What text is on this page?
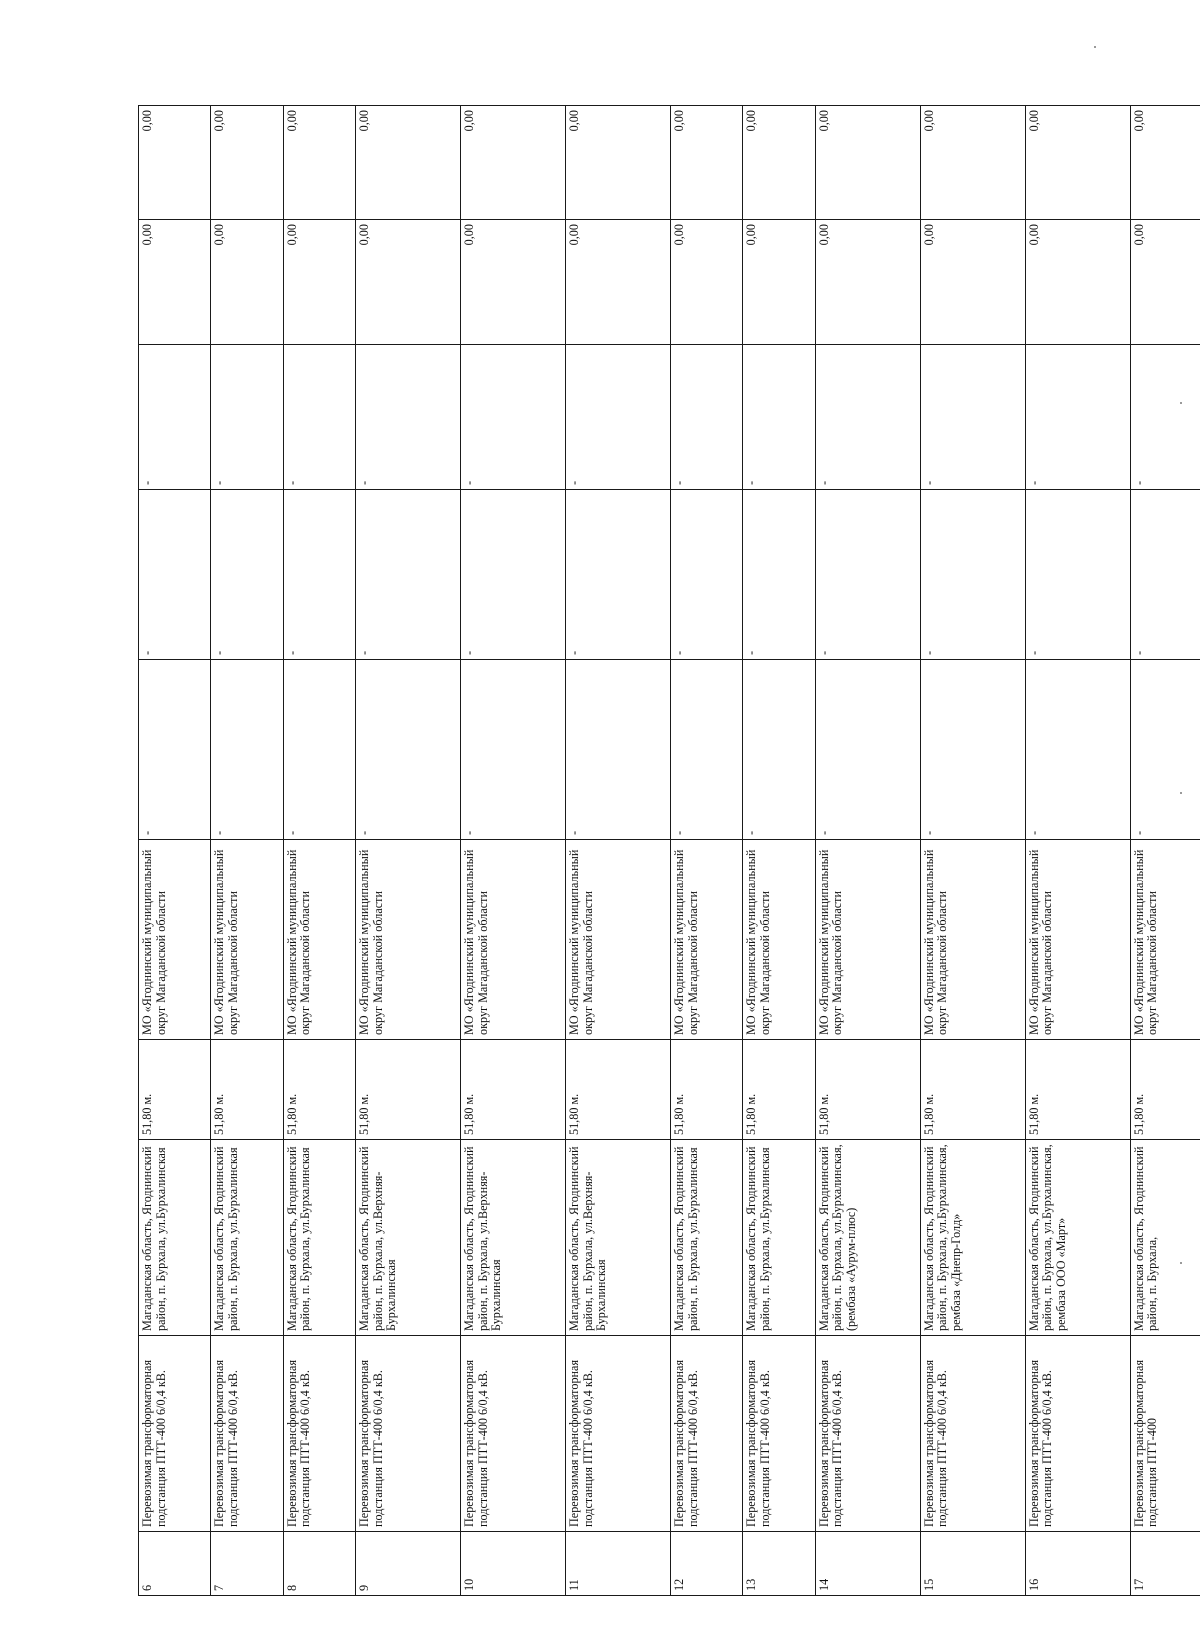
6	Перевозимая трансформаторная подстанция ПТТ-400 6/0,4 кВ.	Магаданская область, Ягоднинский район, п. Бурхала, ул.Бурхалинская	51,80 м.	МО «Ягоднинский муниципальный округ Магаданской области	-	-	-	0,00	0,00
7	Перевозимая трансформаторная подстанция ПТТ-400 6/0,4 кВ.	Магаданская область, Ягоднинский район, п. Бурхала, ул.Бурхалинская	51,80 м.	МО «Ягоднинский муниципальный округ Магаданской области	-	-	-	0,00	0,00
8	Перевозимая трансформаторная подстанция ПТТ-400 6/0,4 кВ.	Магаданская область, Ягоднинский район, п. Бурхала, ул.Бурхалинская	51,80 м.	МО «Ягоднинский муниципальный округ Магаданской области	-	-	-	0,00	0,00
9	Перевозимая трансформаторная подстанция ПТТ-400 6/0,4 кВ.	Магаданская область, Ягоднинский район, п. Бурхала, ул.Верхняя-Бурхалинская	51,80 м.	МО «Ягоднинский муниципальный округ Магаданской области	-	-	-	0,00	0,00
10	Перевозимая трансформаторная подстанция ПТТ-400 6/0,4 кВ.	Магаданская область, Ягоднинский район, п. Бурхала, ул.Верхняя-Бурхалинская	51,80 м.	МО «Ягоднинский муниципальный округ Магаданской области	-	-	-	0,00	0,00
11	Перевозимая трансформаторная подстанция ПТТ-400 6/0,4 кВ.	Магаданская область, Ягоднинский район, п. Бурхала, ул.Верхняя-Бурхалинская	51,80 м.	МО «Ягоднинский муниципальный округ Магаданской области	-	-	-	0,00	0,00
12	Перевозимая трансформаторная подстанция ПТТ-400 6/0,4 кВ.	Магаданская область, Ягоднинский район, п. Бурхала, ул.Бурхалинская	51,80 м.	МО «Ягоднинский муниципальный округ Магаданской области	-	-	-	0,00	0,00
13	Перевозимая трансформаторная подстанция ПТТ-400 6/0,4 кВ.	Магаданская область, Ягоднинский район, п. Бурхала, ул.Бурхалинская	51,80 м.	МО «Ягоднинский муниципальный округ Магаданской области	-	-	-	0,00	0,00
14	Перевозимая трансформаторная подстанция ПТТ-400 6/0,4 кВ.	Магаданская область, Ягоднинский район, п. Бурхала, ул.Бурхалинская, (рембаза «Аурум-плюс)	51,80 м.	МО «Ягоднинский муниципальный округ Магаданской области	-	-	-	0,00	0,00
15	Перевозимая трансформаторная подстанция ПТТ-400 6/0,4 кВ.	Магаданская область, Ягоднинский район, п. Бурхала, ул.Бурхалинская, рембаза «Днепр-Голд»	51,80 м.	МО «Ягоднинский муниципальный округ Магаданской области	-	-	-	0,00	0,00
16	Перевозимая трансформаторная подстанция ПТТ-400 6/0,4 кВ.	Магаданская область, Ягоднинский район, п. Бурхала, ул.Бурхалинская, рембаза ООО «Март»	51,80 м.	МО «Ягоднинский муниципальный округ Магаданской области	-	-	-	0,00	0,00
17	Перевозимая трансформаторная подстанция ПТТ-400	Магаданская область, Ягоднинский район, п. Бурхала,	51,80 м.	МО «Ягоднинский муниципальный округ Магаданской области	-	-	-	0,00	0,00
